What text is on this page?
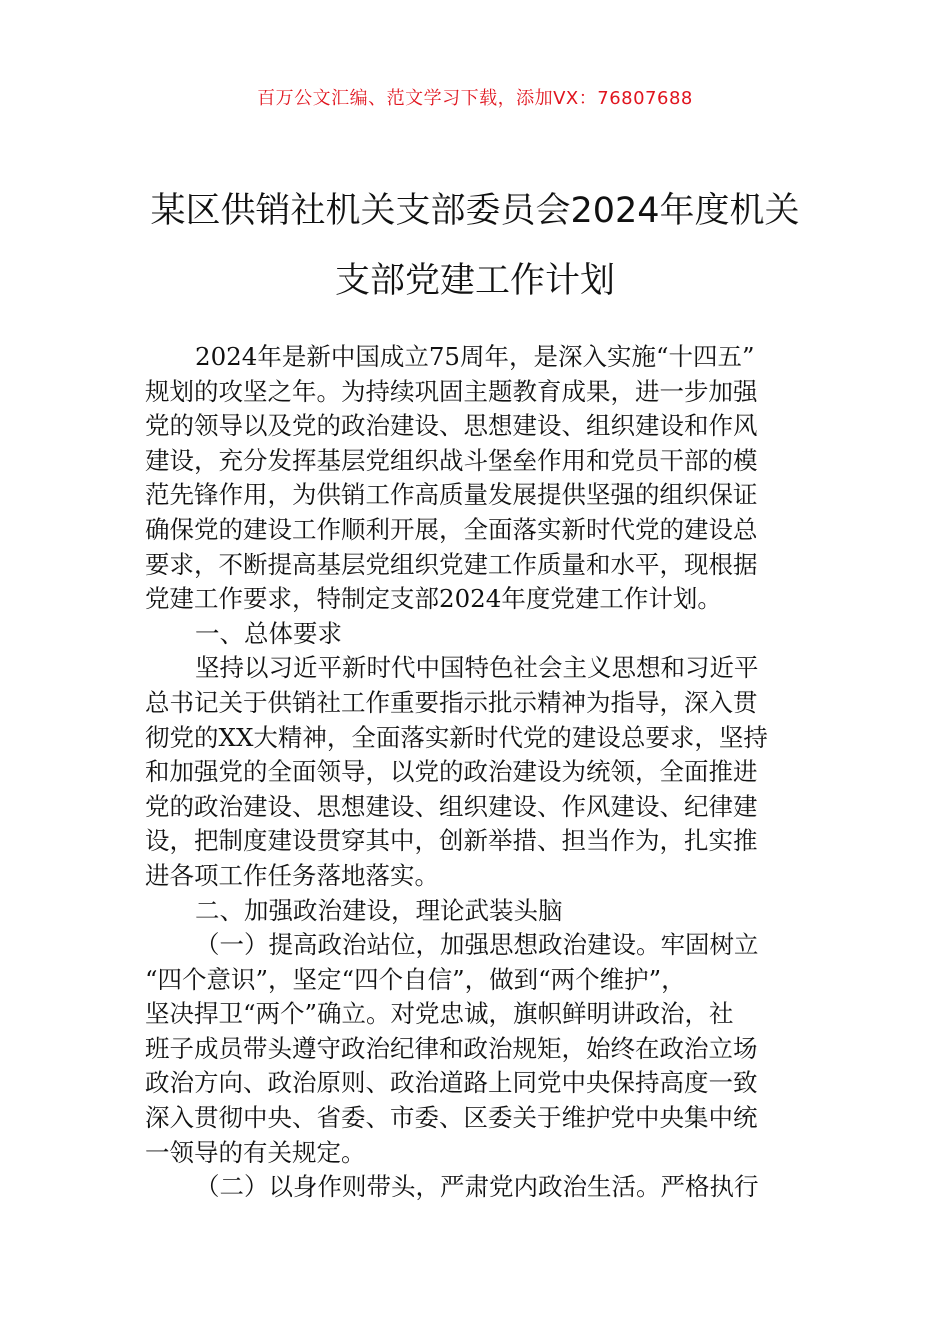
百万公文汇编、范文学习下载，添加VX：76807688
某区供销社机关支部委员会2024年度机关
支部党建工作计划
2024年是新中国成立75周年，是深入实施“十四五”
规划的攻坚之年。为持续巩固主题教育成果，进一步加强
党的领导以及党的政治建设、思想建设、组织建设和作风
建设，充分发挥基层党组织战斗堡垒作用和党员干部的模
范先锋作用，为供销工作高质量发展提供坚强的组织保证
确保党的建设工作顺利开展，全面落实新时代党的建设总
要求，不断提高基层党组织党建工作质量和水平，现根据
党建工作要求，特制定支部2024年度党建工作计划。
一、总体要求
坚持以习近平新时代中国特色社会主义思想和习近平
总书记关于供销社工作重要指示批示精神为指导，深入贯
彻党的XX大精神，全面落实新时代党的建设总要求，坚持
和加强党的全面领导，以党的政治建设为统领，全面推进
党的政治建设、思想建设、组织建设、作风建设、纪律建
设，把制度建设贯穿其中，创新举措、担当作为，扎实推
进各项工作任务落地落实。
二、加强政治建设，理论武装头脑
（一）提高政治站位，加强思想政治建设。牢固树立
“四个意识”，坚定“四个自信”，做到“两个维护”，
坚决捍卫“两个”确立。对党忠诚，旗帜鲜明讲政治，社
班子成员带头遵守政治纪律和政治规矩，始终在政治立场
政治方向、政治原则、政治道路上同党中央保持高度一致
深入贯彻中央、省委、市委、区委关于维护党中央集中统
一领导的有关规定。
（二）以身作则带头，严肃党内政治生活。严格执行
